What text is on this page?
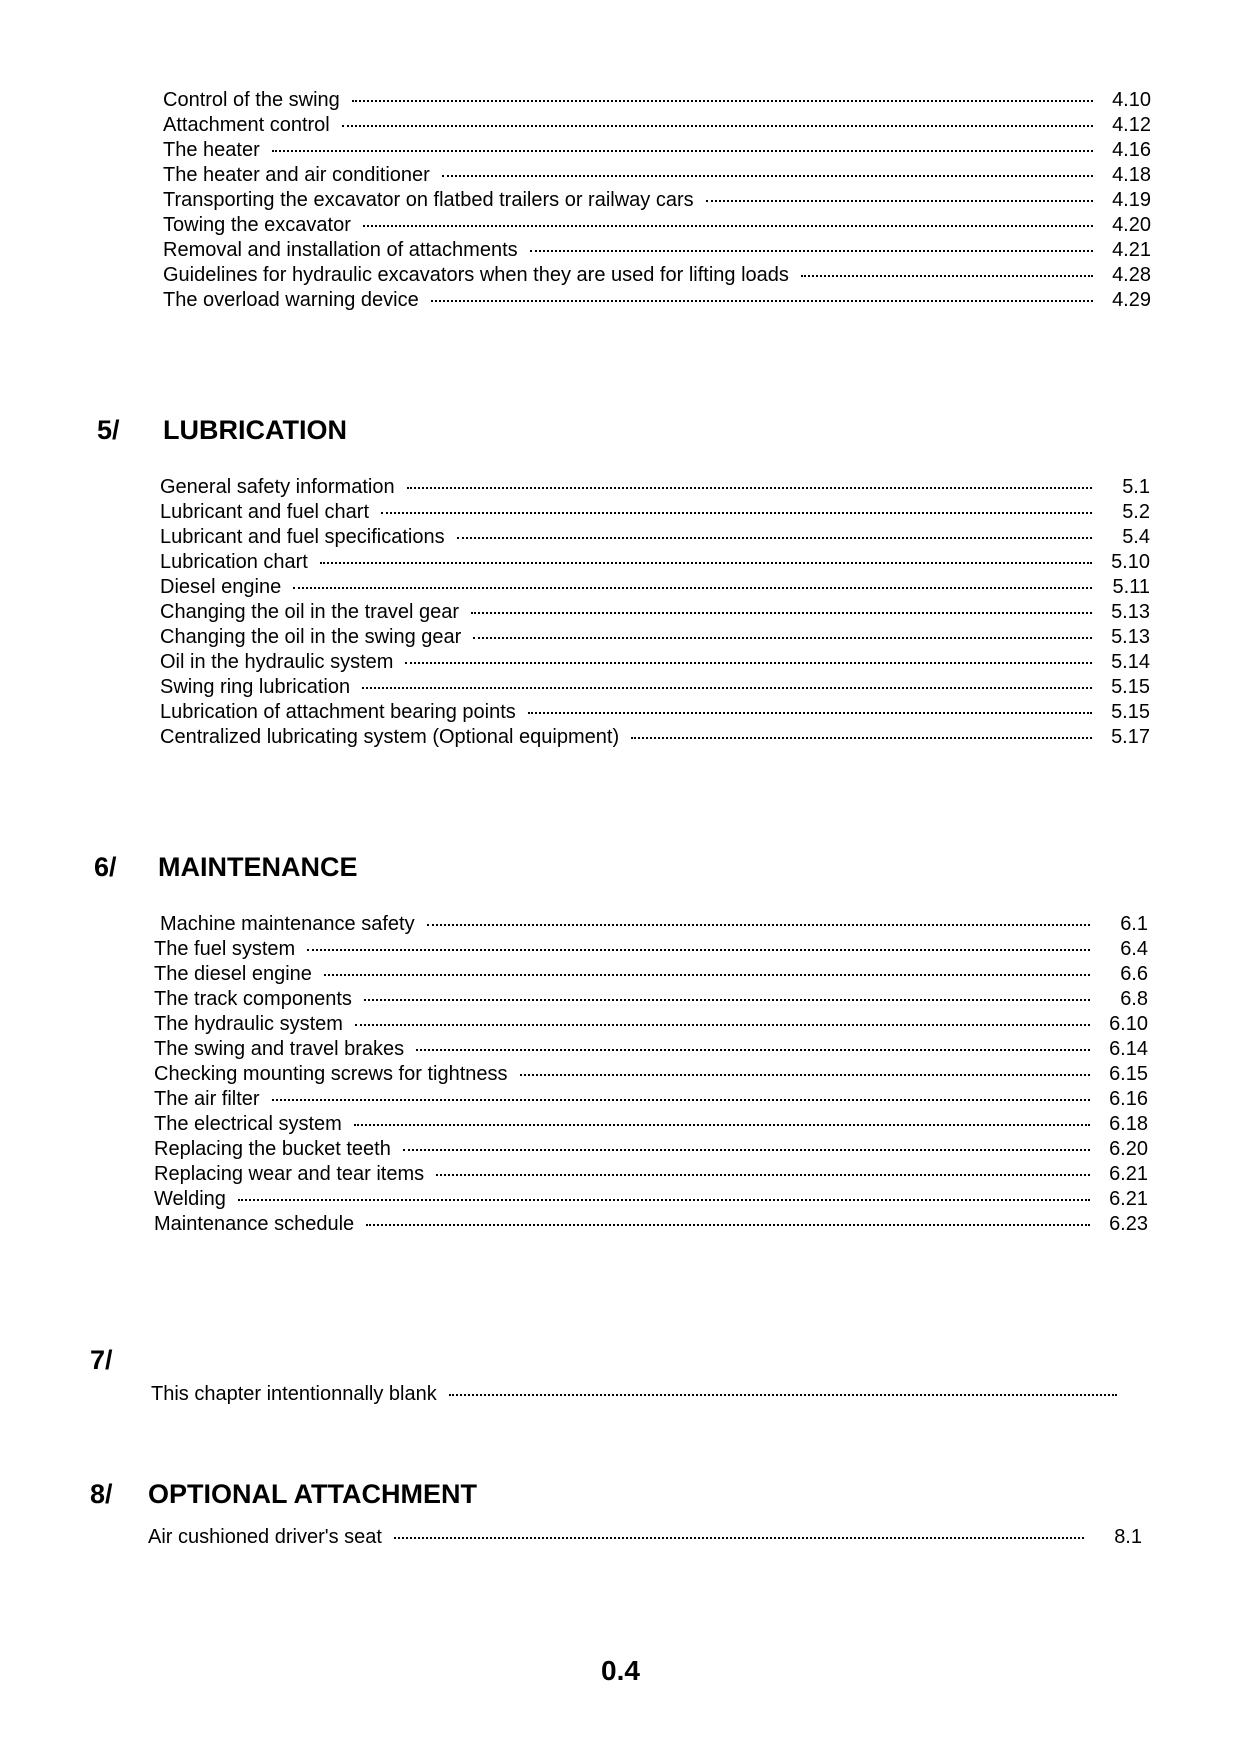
Control of the swing	4.10
Attachment control	4.12
The heater	4.16
The heater and air conditioner	4.18
Transporting the excavator on flatbed trailers or railway cars	4.19
Towing the excavator	4.20
Removal and installation of attachments	4.21
Guidelines for hydraulic excavators when they are used for lifting loads	4.28
The overload warning device	4.29
5/	LUBRICATION
General safety information	5.1
Lubricant and fuel chart	5.2
Lubricant and fuel specifications	5.4
Lubrication chart	5.10
Diesel engine	5.11
Changing the oil in the travel gear	5.13
Changing the oil in the swing gear	5.13
Oil in the hydraulic system	5.14
Swing ring lubrication	5.15
Lubrication of attachment bearing points	5.15
Centralized lubricating system (Optional equipment)	5.17
6/	MAINTENANCE
Machine maintenance safety	6.1
The fuel system	6.4
The diesel engine	6.6
The track components	6.8
The hydraulic system	6.10
The swing and travel brakes	6.14
Checking mounting screws for tightness	6.15
The air filter	6.16
The electrical system	6.18
Replacing the bucket teeth	6.20
Replacing wear and tear items	6.21
Welding	6.21
Maintenance schedule	6.23
7/
This chapter intentionnally blank
8/	OPTIONAL ATTACHMENT
Air cushioned driver's seat	8.1
0.4
